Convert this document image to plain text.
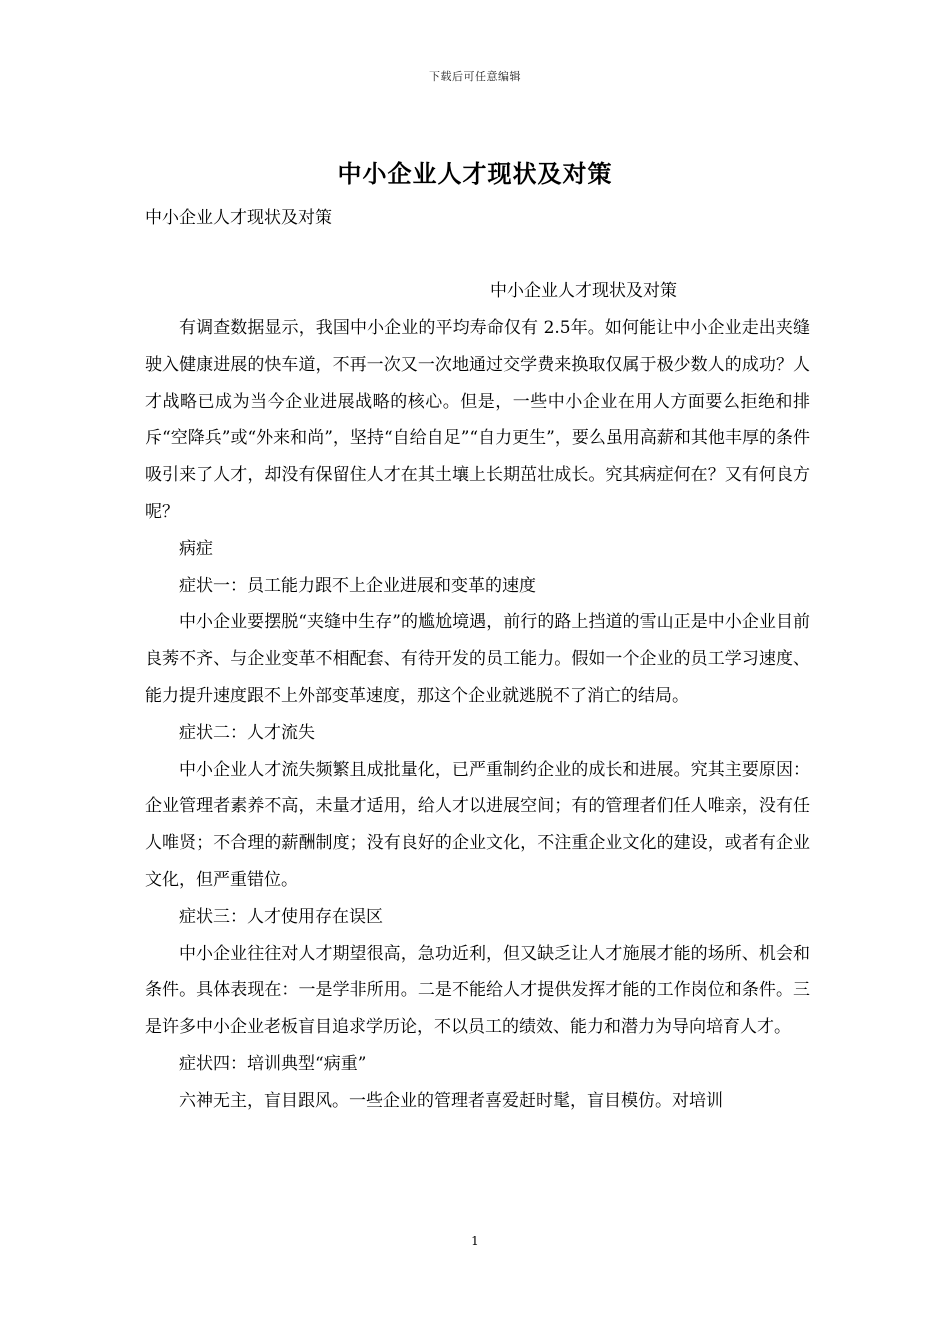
下载后可任意编辑
中小企业人才现状及对策
中小企业人才现状及对策
中小企业人才现状及对策

有调查数据显示，我国中小企业的平均寿命仅有 2.5年。如何能让中小企业走出夹缝驶入健康进展的快车道，不再一次又一次地通过交学费来换取仅属于极少数人的成功？人才战略已成为当今企业进展战略的核心。但是，一些中小企业在用人方面要么拒绝和排斥“空降兵”或“外来和尚”，坚持“自给自足”“自力更生”，要么虽用高薪和其他丰厚的条件吸引来了人才，却没有保留住人才在其土壤上长期茁壮成长。究其病症何在？又有何良方呢？

病症

症状一：员工能力跟不上企业进展和变革的速度

中小企业要摆脱“夹缝中生存”的尴尬境遇，前行的路上挡道的雪山正是中小企业目前良莠不齐、与企业变革不相配套、有待开发的员工能力。假如一个企业的员工学习速度、能力提升速度跟不上外部变革速度，那这个企业就逃脱不了消亡的结局。

症状二：人才流失

中小企业人才流失频繁且成批量化，已严重制约企业的成长和进展。究其主要原因：企业管理者素养不高，未量才适用，给人才以进展空间；有的管理者们任人唯亲，没有任人唯贤；不合理的薪酬制度；没有良好的企业文化，不注重企业文化的建设，或者有企业文化，但严重错位。

症状三：人才使用存在误区

中小企业往往对人才期望很高，急功近利，但又缺乏让人才施展才能的场所、机会和条件。具体表现在：一是学非所用。二是不能给人才提供发挥才能的工作岗位和条件。三是许多中小企业老板盲目追求学历论，不以员工的绩效、能力和潜力为导向培育人才。

症状四：培训典型“病重”

六神无主，盲目跟风。一些企业的管理者喜爱赶时髦，盲目模仿。对培训

1
